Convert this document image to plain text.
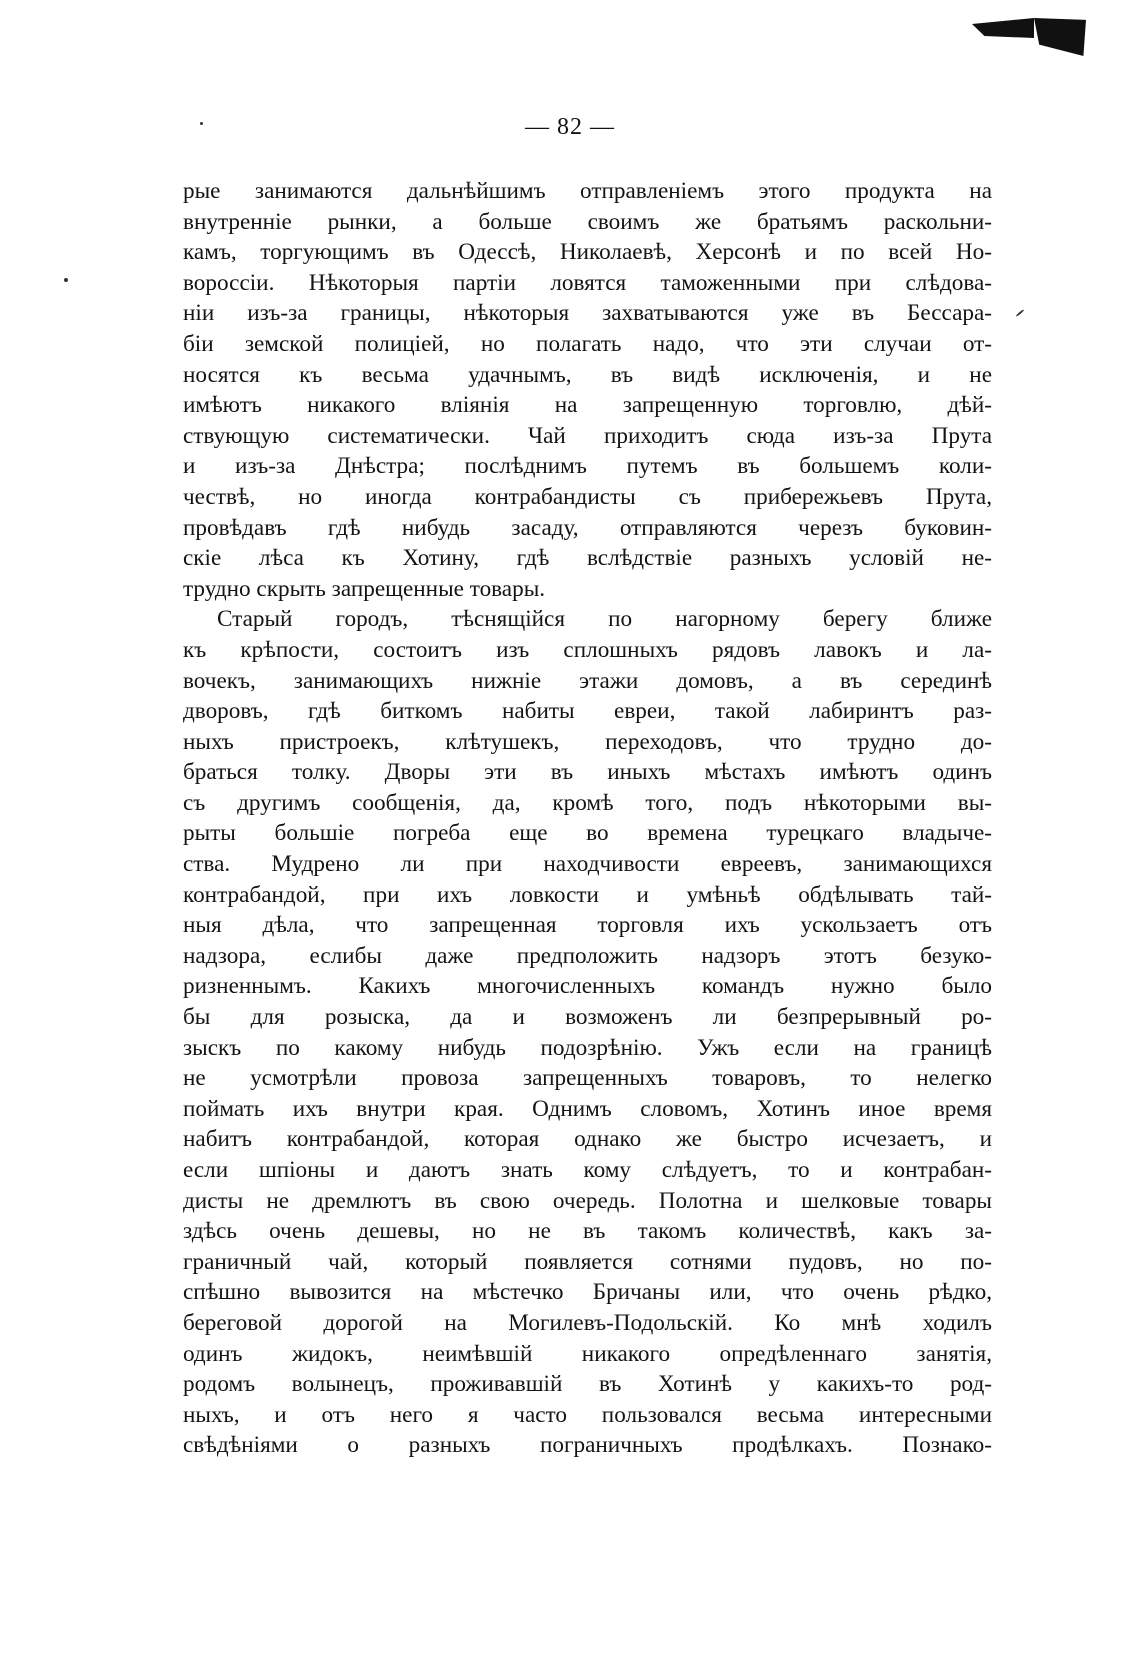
— 82 —
рые занимаются дальнѣйшимъ отправленіемъ этого продукта на
внутренніе рынки, а больше своимъ же братьямъ раскольни-
камъ, торгующимъ въ Одессѣ, Николаевѣ, Херсонѣ и по всей Но-
вороссіи. Нѣкоторыя партіи ловятся таможенными при слѣдова-
ніи изъ-за границы, нѣкоторыя захватываются уже въ Бессара-
біи земской полиціей, но полагать надо, что эти случаи от-
носятся къ весьма удачнымъ, въ видѣ исключенія, и не
имѣютъ никакого вліянія на запрещенную торговлю, дѣй-
ствующую систематически. Чай приходитъ сюда изъ-за Прута
и изъ-за Днѣстра; послѣднимъ путемъ въ большемъ коли-
чествѣ, но иногда контрабандисты съ прибережьевъ Прута,
провѣдавъ гдѣ нибудь засаду, отправляются черезъ буковин-
скіе лѣса къ Хотину, гдѣ вслѣдствіе разныхъ условій не-
трудно скрыть запрещенные товары.
Старый городъ, тѣснящійся по нагорному берегу ближе
къ крѣпости, состоитъ изъ сплошныхъ рядовъ лавокъ и ла-
вочекъ, занимающихъ нижніе этажи домовъ, а въ серединѣ
дворовъ, гдѣ биткомъ набиты евреи, такой лабиринтъ раз-
ныхъ пристроекъ, клѣтушекъ, переходовъ, что трудно до-
браться толку. Дворы эти въ иныхъ мѣстахъ имѣютъ одинъ
съ другимъ сообщенія, да, кромѣ того, подъ нѣкоторыми вы-
рыты большіе погреба еще во времена турецкаго владыче-
ства. Мудрено ли при находчивости евреевъ, занимающихся
контрабандой, при ихъ ловкости и умѣньѣ обдѣлывать тай-
ныя дѣла, что запрещенная торговля ихъ ускользаетъ отъ
надзора, еслибы даже предположить надзоръ этотъ безуко-
ризненнымъ. Какихъ многочисленныхъ командъ нужно было
бы для розыска, да и возможенъ ли безпрерывный ро-
зыскъ по какому нибудь подозрѣнію. Ужъ если на границѣ
не усмотрѣли провоза запрещенныхъ товаровъ, то нелегко
поймать ихъ внутри края. Однимъ словомъ, Хотинъ иное время
набитъ контрабандой, которая однако же быстро исчезаетъ, и
если шпіоны и даютъ знать кому слѣдуетъ, то и контрабан-
дисты не дремлютъ въ свою очередь. Полотна и шелковые товары
здѣсь очень дешевы, но не въ такомъ количествѣ, какъ за-
граничный чай, который появляется сотнями пудовъ, но по-
спѣшно вывозится на мѣстечко Бричаны или, что очень рѣдко,
береговой дорогой на Могилевъ-Подольскій. Ко мнѣ ходилъ
одинъ жидокъ, неимѣвшій никакого опредѣленнаго занятія,
родомъ волынецъ, проживавшій въ Хотинѣ у какихъ-то род-
ныхъ, и отъ него я часто пользовался весьма интересными
свѣдѣніями о разныхъ пограничныхъ продѣлкахъ. Познако-
